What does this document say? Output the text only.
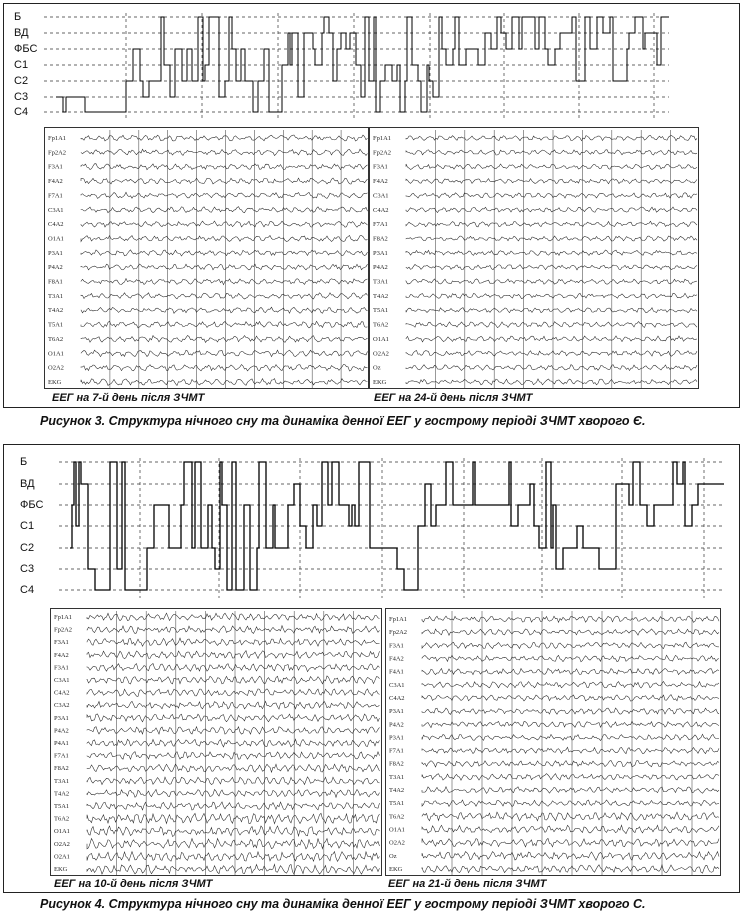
Б
ВД
ФБС
С1
С2
С3
С4
Fp1A1
Fp2A2
F3A1
F4A2
F7A1
C3A1
C4A2
O1A1
P3A1
P4A2
F8A1
T3A1
T4A2
T5A1
T6A2
O1A1
O2A2
EKG
Fp1A1
Fp2A2
F3A1
F4A2
C3A1
C4A2
F7A1
F8A2
P3A1
P4A2
T3A1
T4A2
T5A1
T6A2
O1A1
O2A2
Oz
EKG
ЕЕГ на 7-й день після ЗЧМТ	ЕЕГ на 24-й день після ЗЧМТ
Рисунок 3. Структура нічного сну та динаміка денної ЕЕГ у гострому періоді ЗЧМТ хворого Є.
Б
ВД
ФБС
С1
С2
С3
С4
Fp1A1
Fp2A2
F3A1
F4A2
F3A1
C3A1
C4A2
C3A2
P3A1
P4A2
P4A1
F7A1
F8A2
T3A1
T4A2
T5A1
T6A2
O1A1
O2A2
O2A1
EKG
Fp1A1
Fp2A2
F3A1
F4A2
F4A1
C3A1
C4A2
P3A1
P4A2
P3A1
F7A1
F8A2
T3A1
T4A2
T5A1
T6A2
O1A1
O2A2
Oz
EKG
ЕЕГ на 10-й день після ЗЧМТ	ЕЕГ на 21-й день після ЗЧМТ
Рисунок 4. Структура нічного сну та динаміка денної ЕЕГ у гострому періоді ЗЧМТ хворого С.
